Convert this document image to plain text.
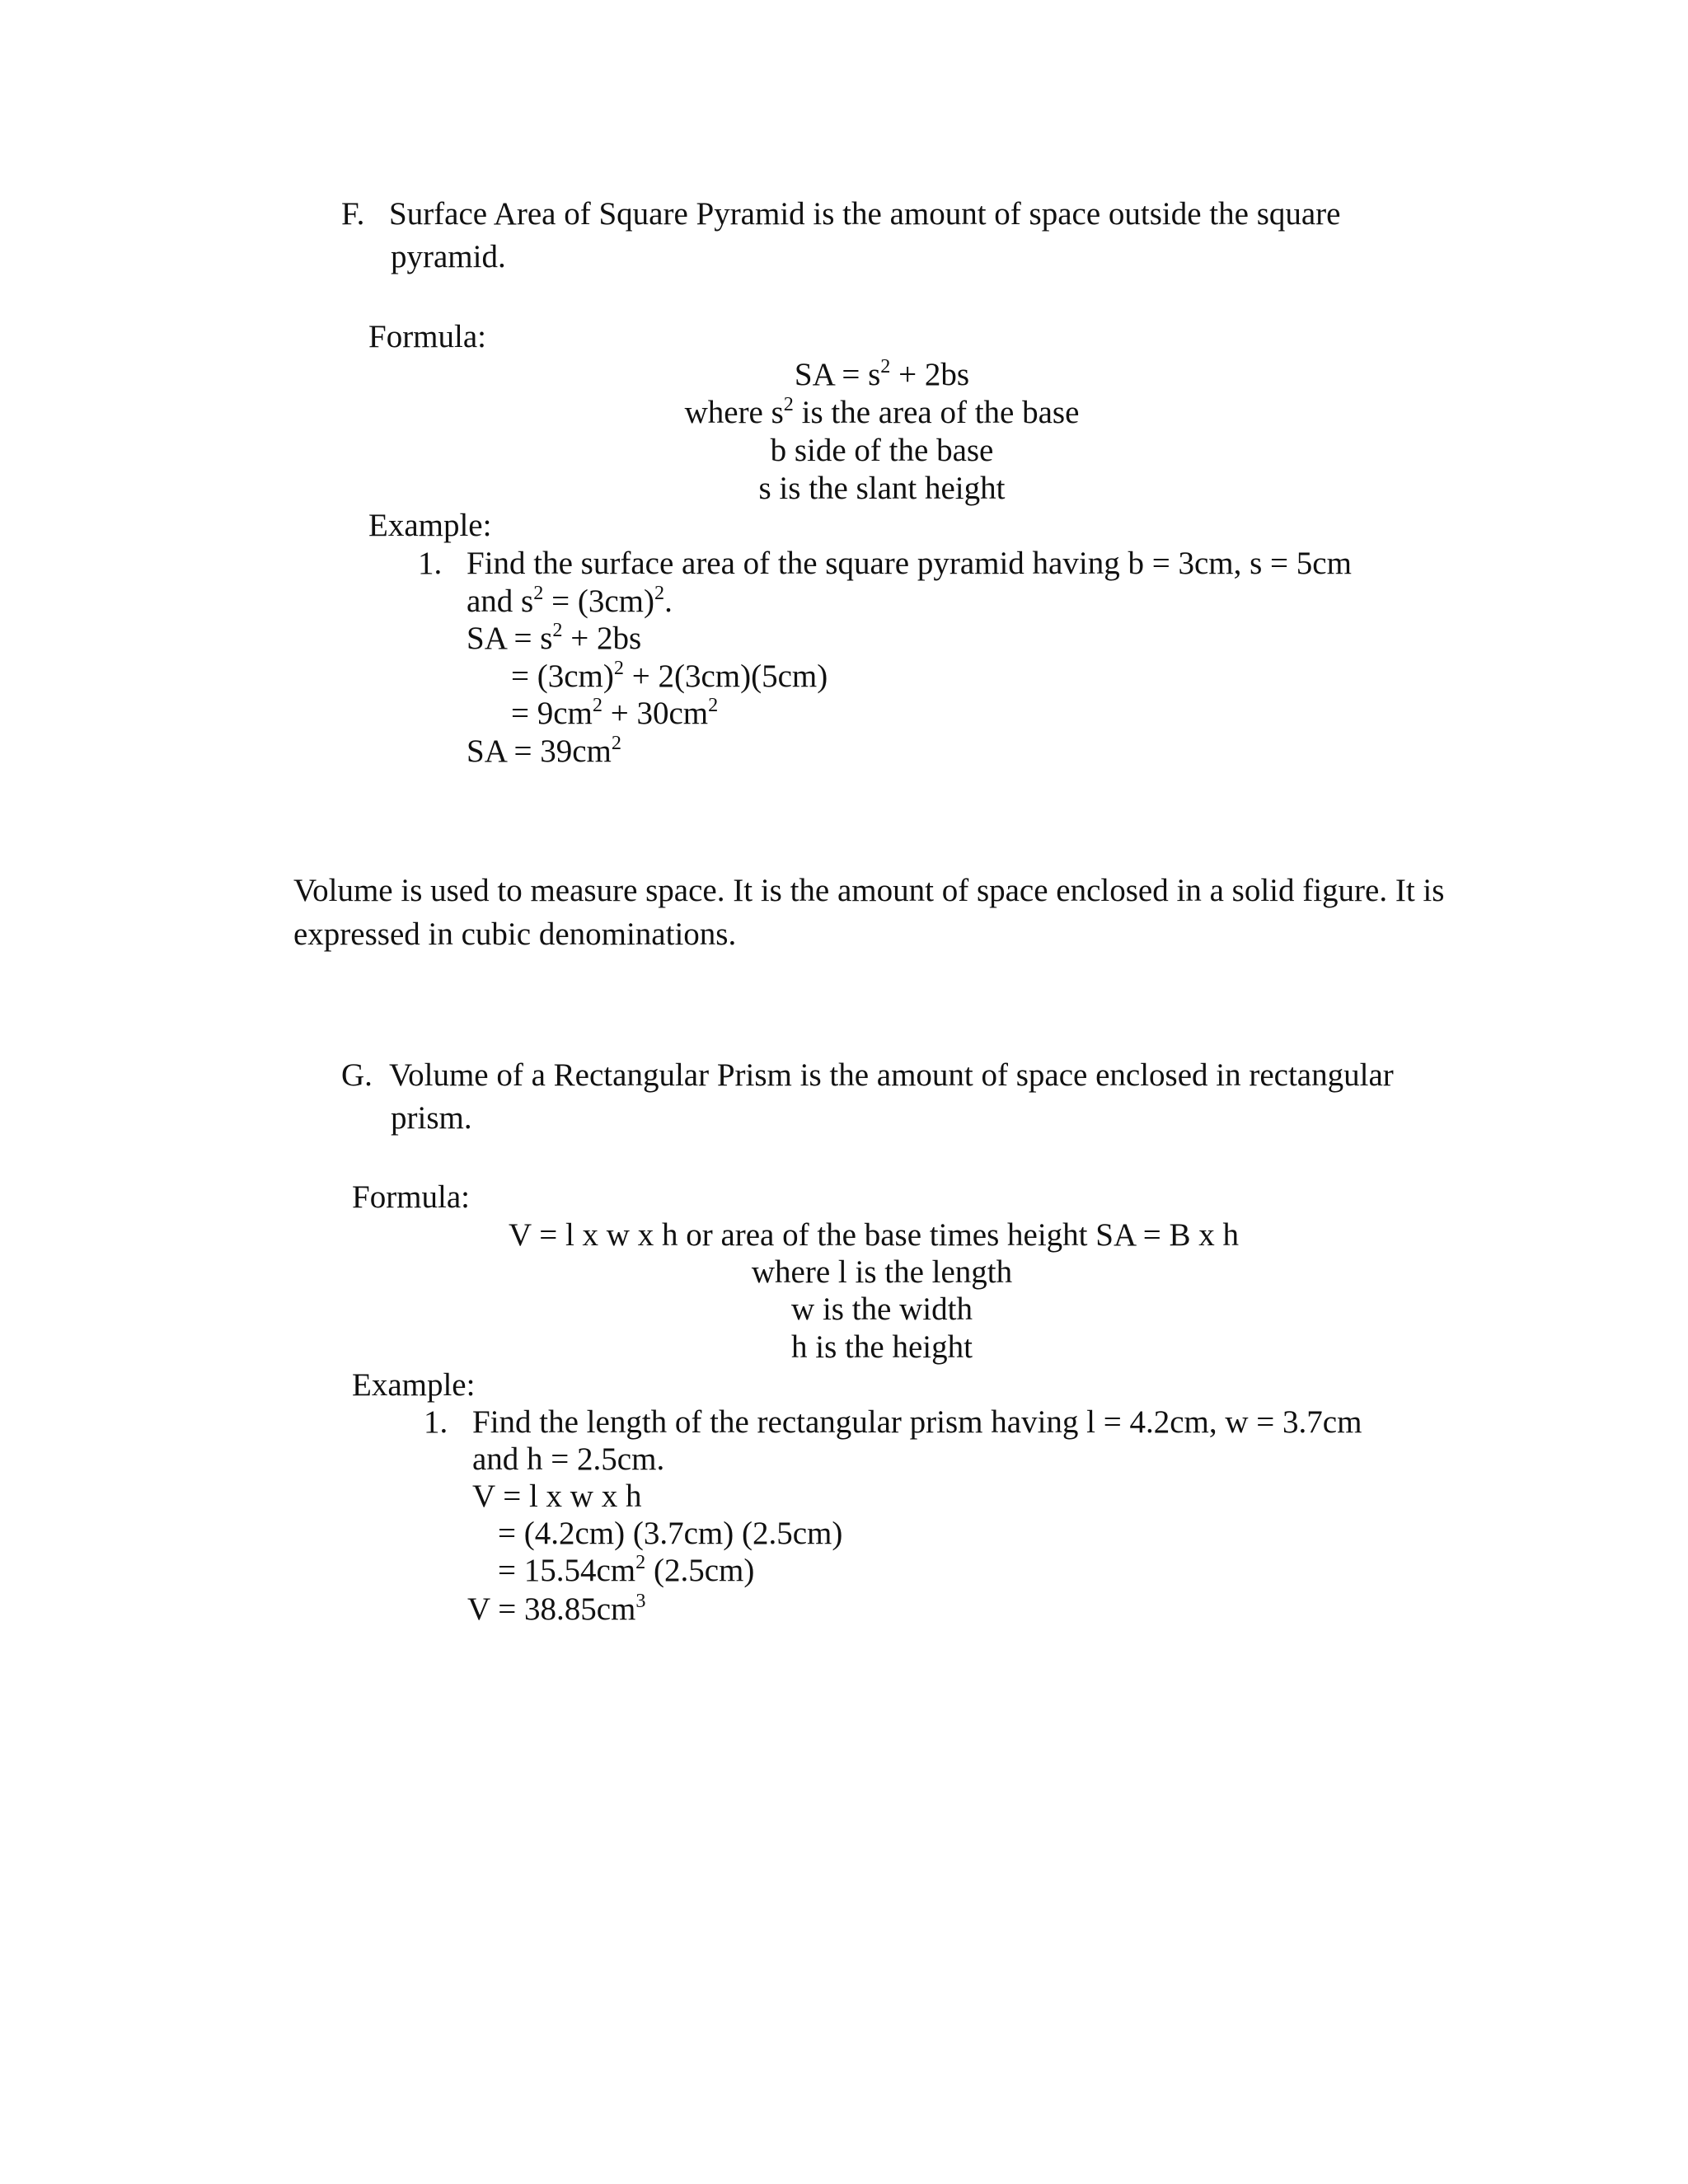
F. Surface Area of Square Pyramid is the amount of space outside the square
pyramid.
Formula:
SA = $s^2 + 2bs$
where $s^2$ is the area of the base
b side of the base
s is the slant height
Example:
1. Find the surface area of the square pyramid having b = 3cm, s = 5cm
and $s^2 = (3cm)^2$.
SA = $s^2 + 2bs$
= $(3cm)^2 + 2(3cm)(5cm)$
= $9cm^2 + 30cm^2$
SA = $39cm^2$
Volume is used to measure space. It is the amount of space enclosed in a solid figure. It is
expressed in cubic denominations.
G. Volume of a Rectangular Prism is the amount of space enclosed in rectangular
prism.
Formula:
V = l x w x h or area of the base times height SA = B x h
where l is the length
w is the width
h is the height
Example:
1. Find the length of the rectangular prism having l = 4.2cm, w = 3.7cm
and h = 2.5cm.
V = l x w x h
= (4.2cm) (3.7cm) (2.5cm)
= $15.54cm^2$ (2.5cm)
$V = 38.85cm^3$
